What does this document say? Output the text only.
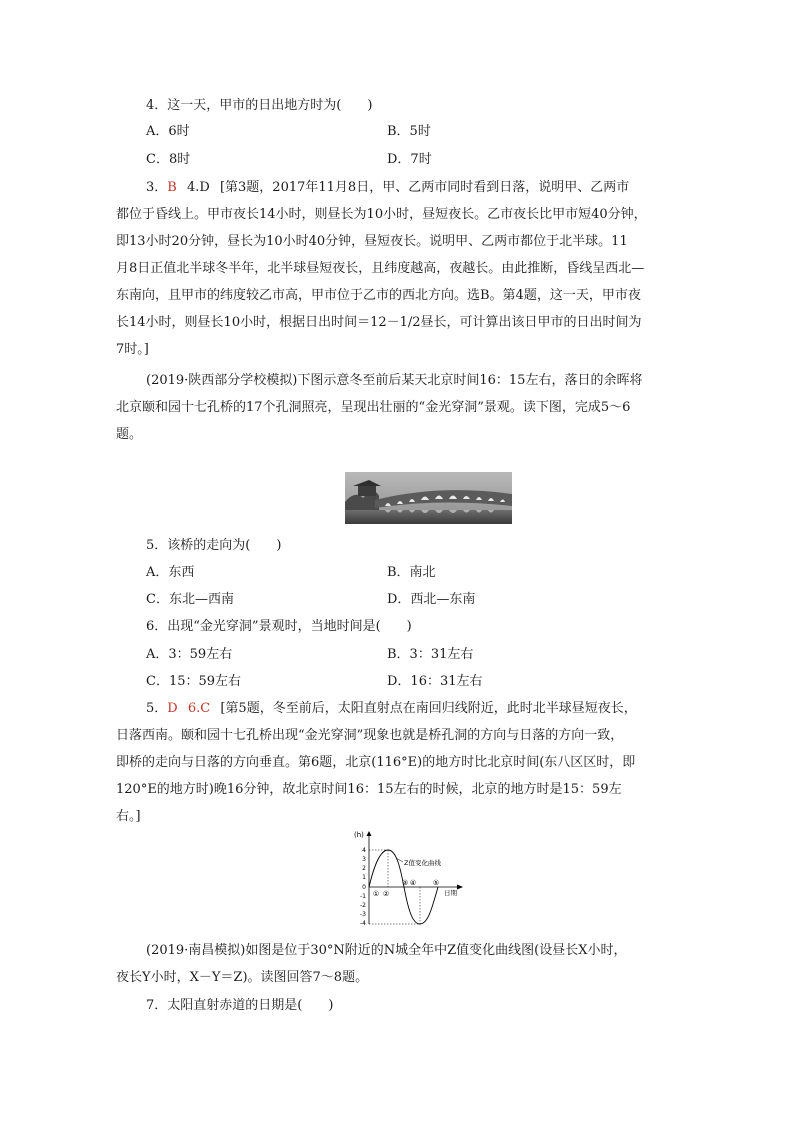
4．这一天，甲市的日出地方时为(　　)
A．6时	B．5时
C．8时	D．7时
3．B 4.D [第3题，2017年11月8日，甲、乙两市同时看到日落，说明甲、乙两市
都位于昏线上。甲市夜长14小时，则昼长为10小时，昼短夜长。乙市夜长比甲市短40分钟，
即13小时20分钟，昼长为10小时40分钟，昼短夜长。说明甲、乙两市都位于北半球。11
月8日正值北半球冬半年，北半球昼短夜长，且纬度越高，夜越长。由此推断，昏线呈西北—
东南向，且甲市的纬度较乙市高，甲市位于乙市的西北方向。选B。第4题，这一天，甲市夜
长14小时，则昼长10小时，根据日出时间＝12－1/2昼长，可计算出该日甲市的日出时间为
7时。]
(2019·陕西部分学校模拟)下图示意冬至前后某天北京时间16：15左右，落日的余晖将
北京颐和园十七孔桥的17个孔洞照亮，呈现出壮丽的“金光穿洞”景观。读下图，完成5～6
题。
5．该桥的走向为(　　)
A．东西	B．南北
C．东北—西南	D．西北—东南
6．出现“金光穿洞”景观时，当地时间是(　　)
A．3：59左右	B．3：31左右
C．15：59左右	D．16：31左右
5．D 6.C [第5题，冬至前后，太阳直射点在南回归线附近，此时北半球昼短夜长，
日落西南。颐和园十七孔桥出现“金光穿洞”现象也就是桥孔洞的方向与日落的方向一致，
即桥的走向与日落的方向垂直。第6题，北京(116°E)的地方时比北京时间(东八区区时，即
120°E的地方时)晚16分钟，故北京时间16：15左右的时候，北京的地方时是15：59左
右。]
(h)
4
3
2
1
0
-1
-2
-3
-4
Z值变化曲线
日期
① ②
③ ④ ⑤
(2019·南昌模拟)如图是位于30°N附近的N城全年中Z值变化曲线图(设昼长X小时，
夜长Y小时，X－Y＝Z)。读图回答7～8题。
7．太阳直射赤道的日期是(　　)
